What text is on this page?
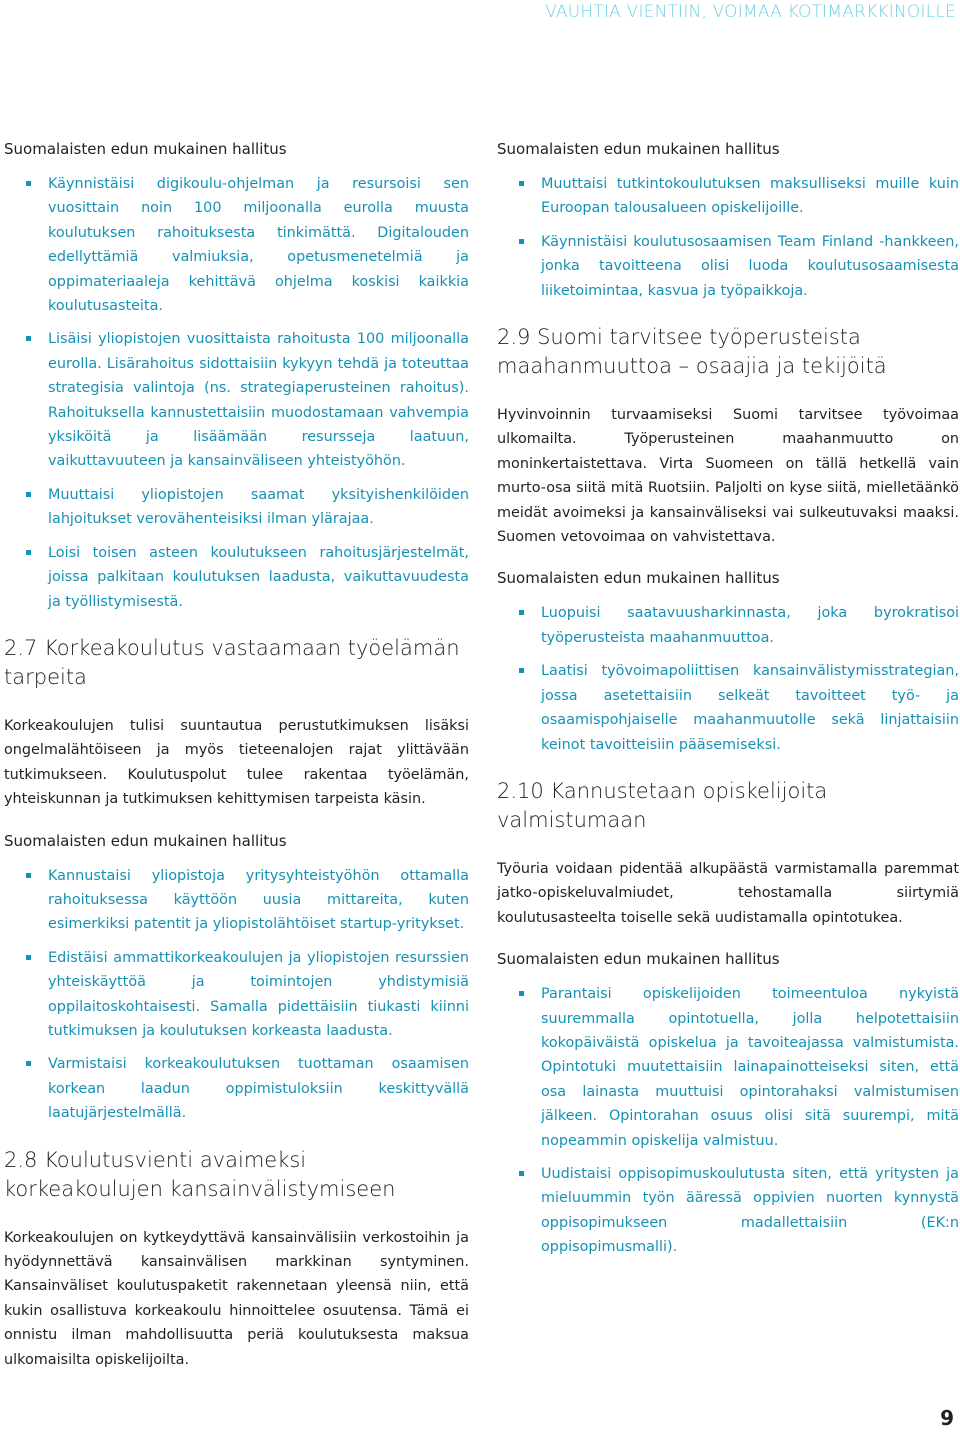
VAUHTIA VIENTIIN, VOIMAA KOTIMARKKINOILLE
Suomalaisten edun mukainen hallitus
Käynnistäisi digikoulu-ohjelman ja resursoisi sen vuosittain noin 100 miljoonalla eurolla muusta koulutuksen rahoituksesta tinkimättä. Digitalouden edellyttämiä valmiuksia, opetusmenetelmiä ja oppimateriaaleja kehittävä ohjelma koskisi kaikkia koulutusasteita.
Lisäisi yliopistojen vuosittaista rahoitusta 100 miljoonalla eurolla. Lisärahoitus sidottaisiin kykyyn tehdä ja toteuttaa strategisia valintoja (ns. strategiaperusteinen rahoitus). Rahoituksella kannustettaisiin muodostamaan vahvempia yksiköitä ja lisäämään resursseja laatuun, vaikuttavuuteen ja kansainväliseen yhteistyöhön.
Muuttaisi yliopistojen saamat yksityishenkilöiden lahjoitukset verovähenteisiksi ilman ylärajaa.
Loisi toisen asteen koulutukseen rahoitusjärjestelmät, joissa palkitaan koulutuksen laadusta, vaikuttavuudesta ja työllistymisestä.
2.7 Korkeakoulutus vastaamaan työelämän tarpeita

Korkeakoulujen tulisi suuntautua perustutkimuksen lisäksi ongelmalähtöiseen ja myös tieteenalojen rajat ylittävään tutkimukseen. Koulutuspolut tulee rakentaa työelämän, yhteiskunnan ja tutkimuksen kehittymisen tarpeista käsin.

Suomalaisten edun mukainen hallitus
Kannustaisi yliopistoja yritysyhteistyöhön ottamalla rahoituksessa käyttöön uusia mittareita, kuten esimerkiksi patentit ja yliopistolähtöiset startup-yritykset.
Edistäisi ammattikorkeakoulujen ja yliopistojen resurssien yhteiskäyttöä ja toimintojen yhdistymisiä oppilaitoskohtaisesti. Samalla pidettäisiin tiukasti kiinni tutkimuksen ja koulutuksen korkeasta laadusta.
Varmistaisi korkeakoulutuksen tuottaman osaamisen korkean laadun oppimistuloksiin keskittyvällä laatujärjestelmällä.
2.8 Koulutusvienti avaimeksi korkeakoulujen kansainvälistymiseen

Korkeakoulujen on kytkeydyttävä kansainvälisiin verkostoihin ja hyödynnettävä kansainvälisen markkinan syntyminen. Kansainväliset koulutuspaketit rakennetaan yleensä niin, että kukin osallistuva korkeakoulu hinnoittelee osuutensa. Tämä ei onnistu ilman mahdollisuutta periä koulutuksesta maksua ulkomaisilta opiskelijoilta.

Suomalaisten edun mukainen hallitus
Muuttaisi tutkintokoulutuksen maksulliseksi muille kuin Euroopan talousalueen opiskelijoille.
Käynnistäisi koulutusosaamisen Team Finland -hankkeen, jonka tavoitteena olisi luoda koulutusosaamisesta liiketoimintaa, kasvua ja työpaikkoja.
2.9 Suomi tarvitsee työperusteista maahanmuuttoa – osaajia ja tekijöitä

Hyvinvoinnin turvaamiseksi Suomi tarvitsee työvoimaa ulkomailta. Työperusteinen maahanmuutto on moninkertaistettava. Virta Suomeen on tällä hetkellä vain murto-osa siitä mitä Ruotsiin. Paljolti on kyse siitä, mielletäänkö meidät avoimeksi ja kansainväliseksi vai sulkeutuvaksi maaksi. Suomen vetovoimaa on vahvistettava.

Suomalaisten edun mukainen hallitus
Luopuisi saatavuusharkinnasta, joka byrokratisoi työperusteista maahanmuuttoa.
Laatisi työvoimapoliittisen kansainvälistymisstrategian, jossa asetettaisiin selkeät tavoitteet työ- ja osaamispohjaiselle maahanmuutolle sekä linjattaisiin keinot tavoitteisiin pääsemiseksi.
2.10 Kannustetaan opiskelijoita valmistumaan

Työuria voidaan pidentää alkupäästä varmistamalla paremmat jatko-opiskeluvalmiudet, tehostamalla siirtymiä koulutusasteelta toiselle sekä uudistamalla opintotukea.

Suomalaisten edun mukainen hallitus
Parantaisi opiskelijoiden toimeentuloa nykyistä suuremmalla opintotuella, jolla helpotettaisiin kokopäiväistä opiskelua ja tavoiteajassa valmistumista. Opintotuki muutettaisiin lainapainotteiseksi siten, että osa lainasta muuttuisi opintorahaksi valmistumisen jälkeen. Opintorahan osuus olisi sitä suurempi, mitä nopeammin opiskelija valmistuu.
Uudistaisi oppisopimuskoulutusta siten, että yritysten ja mieluummin työn ääressä oppivien nuorten kynnystä oppisopimukseen madallettaisiin (EK:n oppisopimusmalli).
9
